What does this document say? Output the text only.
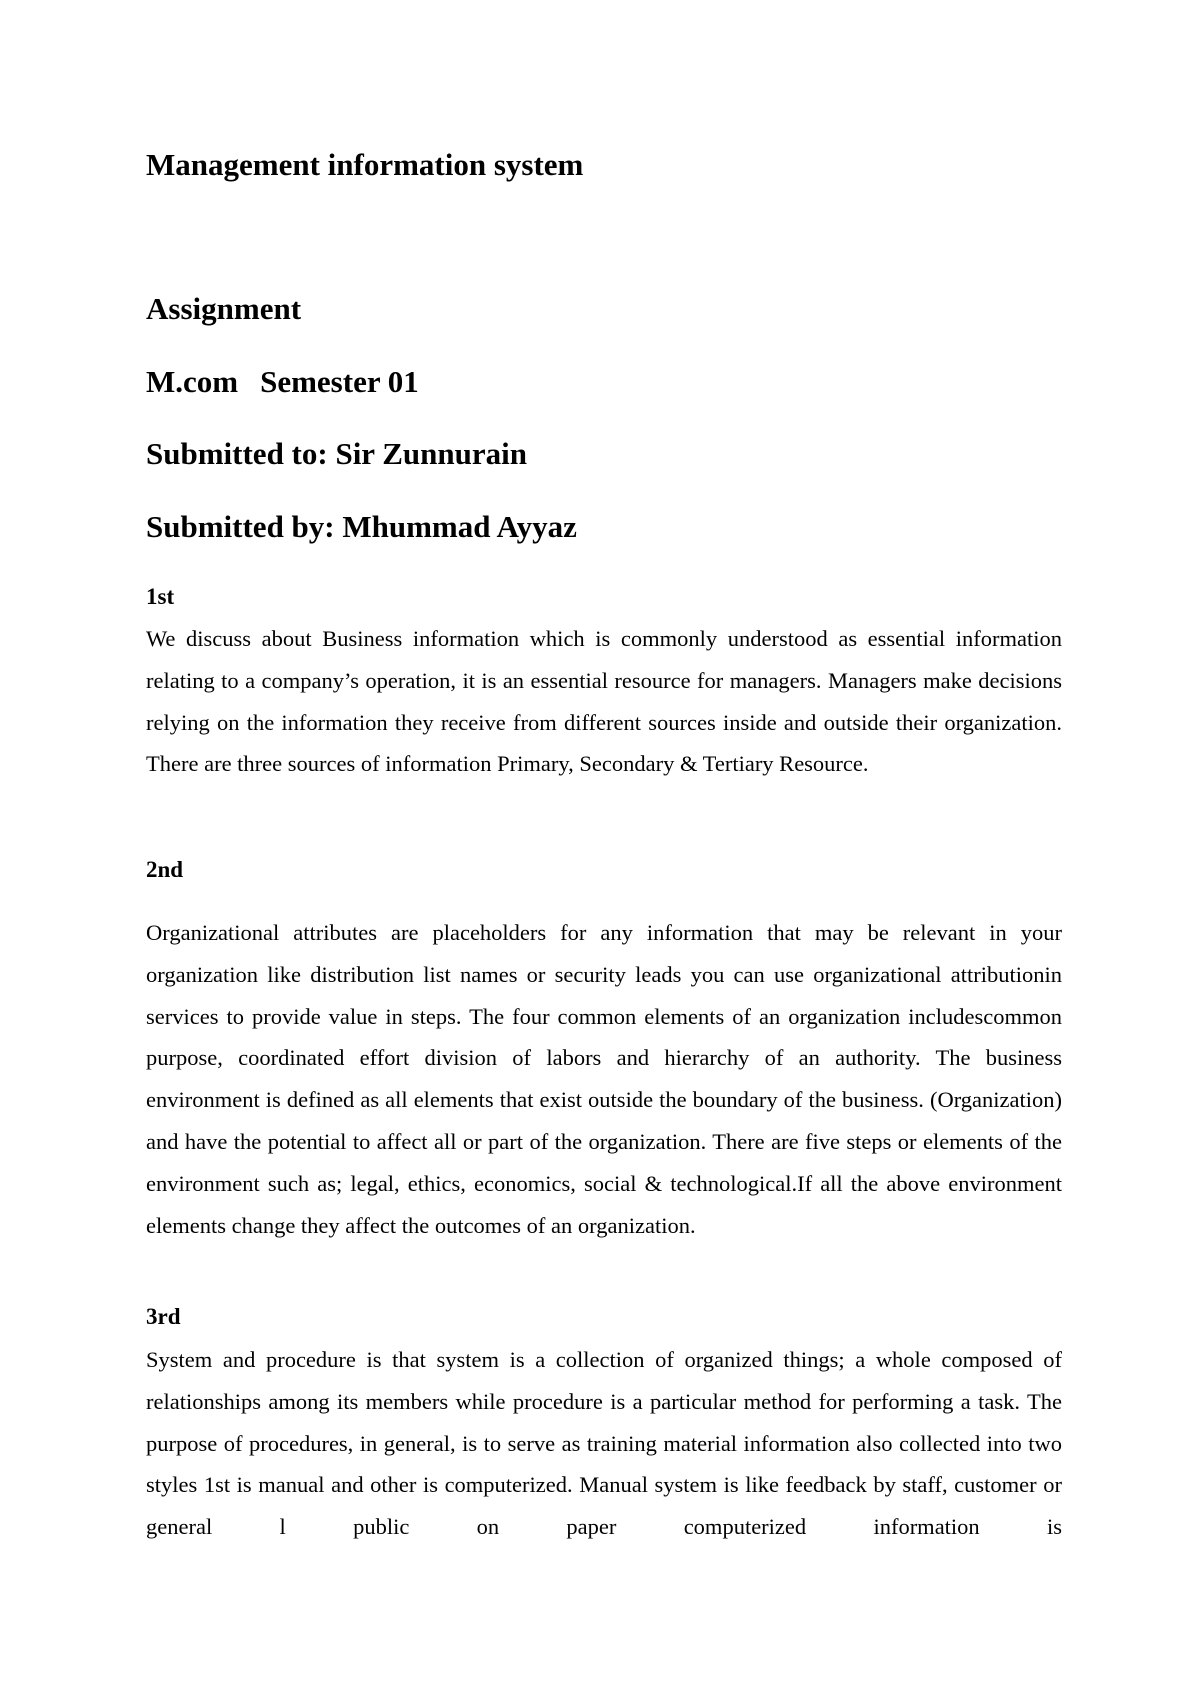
Management information system
Assignment
M.com Semester 01
Submitted to: Sir Zunnurain
Submitted by: Mhummad Ayyaz
1st

We discuss about Business information which is commonly understood as essential information relating to a company’s operation, it is an essential resource for managers. Managers make decisions relying on the information they receive from different sources inside and outside their organization. There are three sources of information Primary, Secondary & Tertiary Resource.

2nd

Organizational attributes are placeholders for any information that may be relevant in your organization like distribution list names or security leads you can use organizational attributionin services to provide value in steps. The four common elements of an organization includescommon purpose, coordinated effort division of labors and hierarchy of an authority. The business environment is defined as all elements that exist outside the boundary of the business. (Organization) and have the potential to affect all or part of the organization. There are five steps or elements of the environment such as; legal, ethics, economics, social & technological.If all the above environment elements change they affect the outcomes of an organization.

3rd

System and procedure is that system is a collection of organized things; a whole composed of relationships among its members while procedure is a particular method for performing a task. The purpose of procedures, in general, is to serve as training material information also collected into two styles 1st is manual and other is computerized. Manual system is like feedback by staff, customer or general l public on paper computerized information is
